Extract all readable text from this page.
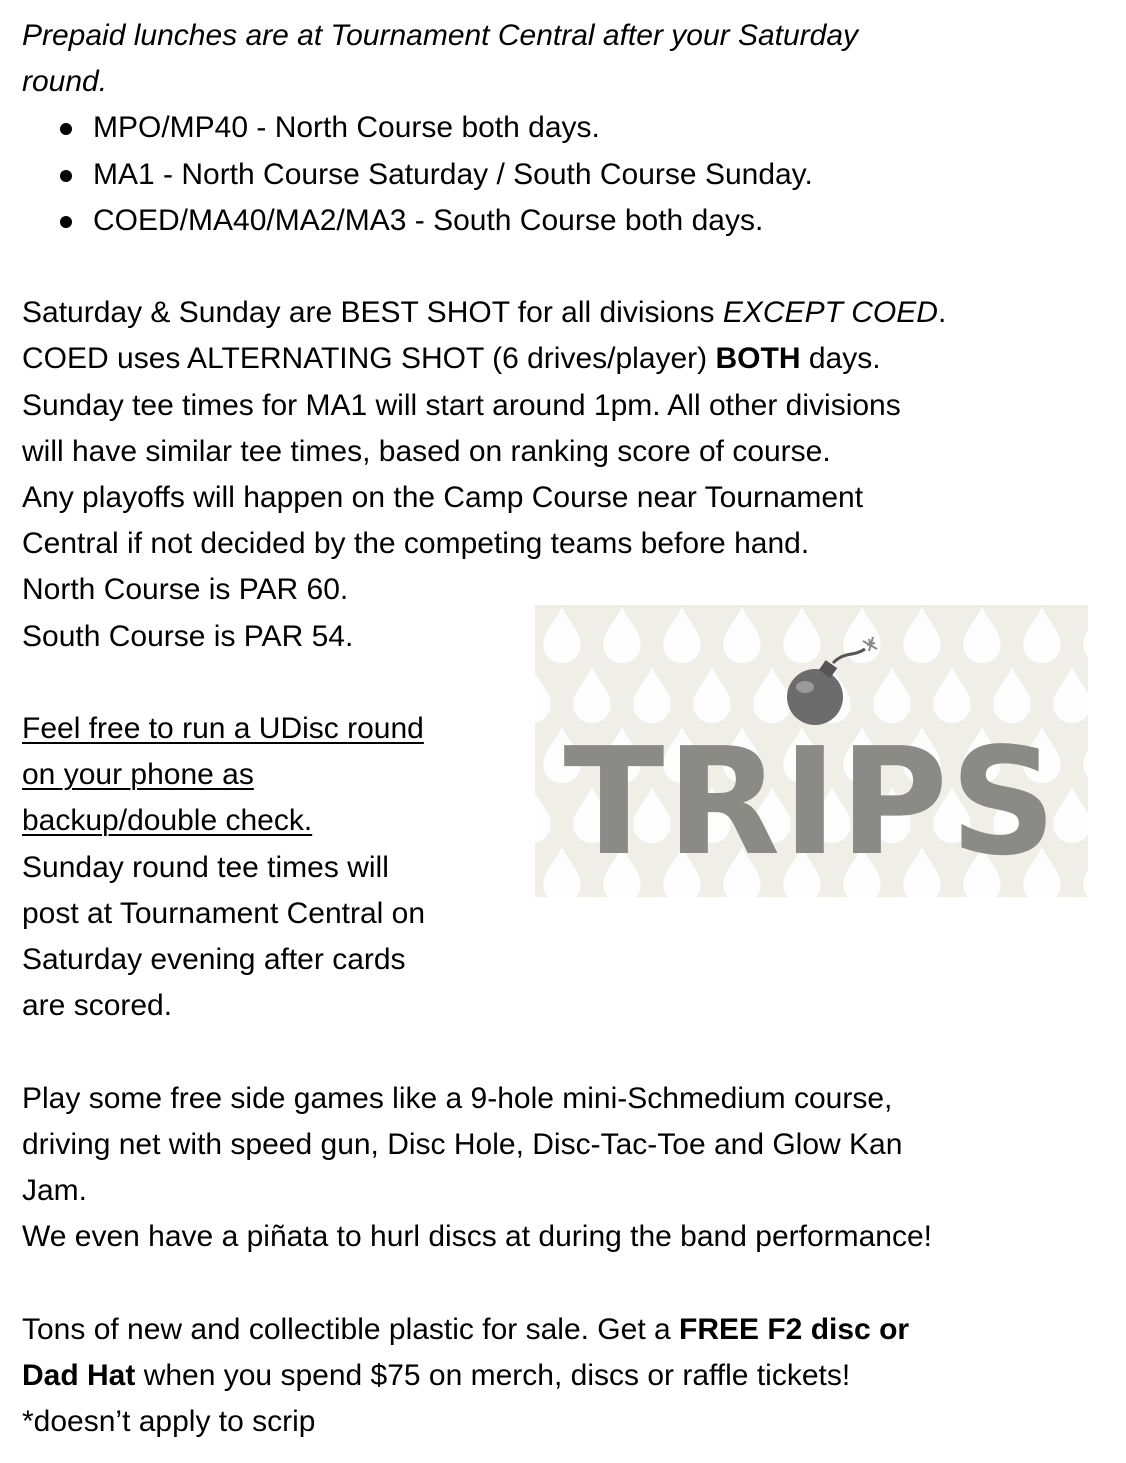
Prepaid lunches are at Tournament Central after your Saturday

round.

MPO/MP40 - North Course both days.
MA1 - North Course Saturday / South Course Sunday.
COED/MA40/MA2/MA3 - South Course both days.

Saturday & Sunday are BEST SHOT for all divisions EXCEPT COED.

COED uses ALTERNATING SHOT (6 drives/player) BOTH days.

Sunday tee times for MA1 will start around 1pm. All other divisions

will have similar tee times, based on ranking score of course.

Any playoffs will happen on the Camp Course near Tournament

Central if not decided by the competing teams before hand.

North Course is PAR 60.

South Course is PAR 54.

TRIPS

Feel free to run a UDisc round

on your phone as

backup/double check.

Sunday round tee times will

post at Tournament Central on

Saturday evening after cards

are scored.

Play some free side games like a 9-hole mini-Schmedium course,

driving net with speed gun, Disc Hole, Disc-Tac-Toe and Glow Kan

Jam.

We even have a piñata to hurl discs at during the band performance!

Tons of new and collectible plastic for sale. Get a FREE F2 disc or

Dad Hat when you spend $75 on merch, discs or raffle tickets!

*doesn’t apply to scrip
